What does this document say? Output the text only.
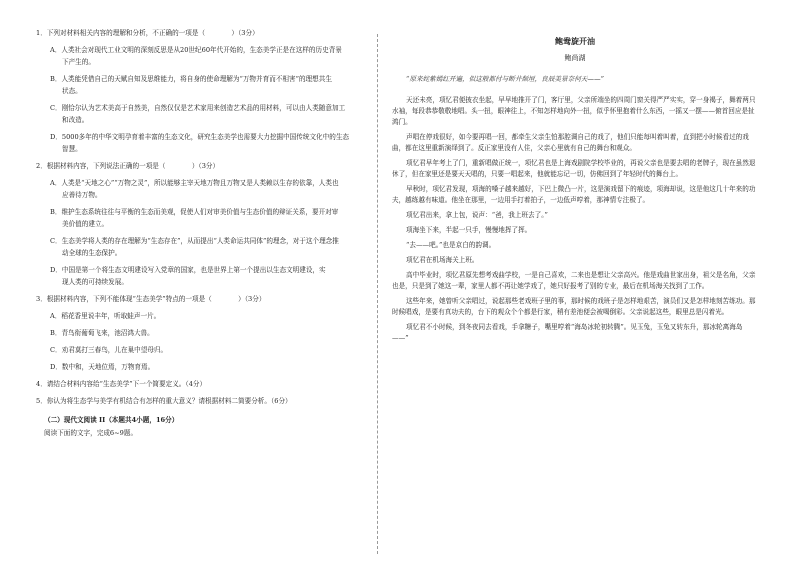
1．下列对材料相关内容的理解和分析，不正确的一项是（　　　　）（3分）
A．人类社会对现代工业文明的深刻反思是从20世纪60年代开始的，生态美学正是在这样的历史背景
下产生的。
B．人类能凭借自己的天赋自知及思维能力，将自身的使命理解为“万物并育而不相害”的理想共生
状态。
C．刚恰尔认为艺术美高于自然美，自然仅仅是艺术家用来创造艺术品的用材料，可以由人类随意加工
和改造。
D．5000多年的中华文明孕育着丰富的生态文化，研究生态美学也需要大力挖掘中国传统文化中的生态
智慧。
2．根据材料内容，下列说法正确的一项是（　　　　）（3分）
A．人类是“天地之心”“万物之灵”，所以能够主宰天地万物且万物又是人类赖以生存的依靠，人类也
应善待万物。
B．维护生态系统往往与平衡的生态而美观，促使人们对审美价值与生态价值的辩证关系，要开对审
美价值的建立。
C．生态美学将人类的存在理解为“生态存在”，从而提出“人类命运共同体”的理念，对于这个理念推
动全球的生态保护。
D．中国是第一个将生态文明建设写入党章的国家，也是世界上第一个提出以生态文明建设，实
现人类的可持续发展。
3．根据材料内容，下列不能体现“生态美学”特点的一项是（　　　　）（3分）
A．稻花香里说丰年，听取蛙声一片。
B．青鸟衔葡萄飞来，池沼鸿大兽。
C．劝君莫打三春鸟，儿在巢中望母归。
D．数中和，天地位焉，万物育焉。
4．请结合材料内容给“生态美学”下一个简要定义。（4分）
5．你认为将生态学与美学有机结合有怎样的重大意义？请根据材料二简要分析。（6分）
（二）现代文阅读 II（本题共4小题，16分）
阅读下面的文字，完成6~9题。
鲍鸯旋开油
鲍尚湖
“原来姹紫嫣红开遍，似这般都付与断井颓垣，良辰美景奈何天——”
天还未亮，项忆君便披衣坐起，早早地推开了门，客厅里，父亲所端坐的四周门窗关得严严实实，穿一身褐子，舞着两只水袖，每段恭恭敬敬地唱。头一扭，眼神往上，不知怎样地向外一扭，似乎怀里抱着什么东西，一摇又一摆——俯首回应是扯鸿门。
声唱在停戏很好，如今要再唱一回，都牵生父亲生怕那腔调自己的戏了，他们只能每叫着叫着，直到把小时候看过的戏曲，都在这里重新演绎到了。反正家里没有人住，父亲心里就有自己的舞台和观众。
项忆君早年考上了门，重新唱做正统一，项忆君也是上海戏剧院学校毕业的，再说父亲也是要去唱的老牌子，现在虽然退休了，但在家里还是要天天唱的，只要一唱起来，他就能忘记一切，仿佛回到了年轻时代的舞台上。
早秋时，项忆君发现，项海的嗓子越来越好，下巴上微凸一片，这是演戏留下的痕迹，项海却说，这是他这几十年来的功夫，越练越有味道。他坐在那里，一边用手打着拍子，一边低声哼着，那神情专注极了。
项忆君出来，拿上包，说声：“爸，我上班去了。”
项海坐下来，半起一只手，慢慢地挥了挥。
“去——吧。”也是京白的韵调。
项忆君在机场海关上班。
高中毕业时，项忆君原先想考戏曲学校，一是自己喜欢，二来也是想让父亲高兴。他是戏曲世家出身，祖父是名角，父亲也是，只是到了她这一辈，家里人都不再让她学戏了，她只好报考了别的专业，最后在机场海关找到了工作。
这些年来，她曾听父亲唱过，说起那些老戏班子里的事，那时候的戏班子是怎样地艰苦，演员们又是怎样地刻苦练功。那时候唱戏，是要有真功夫的，台下的观众个个都是行家，稍有差池便会被喝倒彩。父亲说起这些，眼里总是闪着光。
项忆君不小时候，到冬夜同去看戏，手拿糖子，嘴里哼着“海岛冰轮初转腾”。见玉兔，玉兔又转东升，那冰轮离海岛——”
